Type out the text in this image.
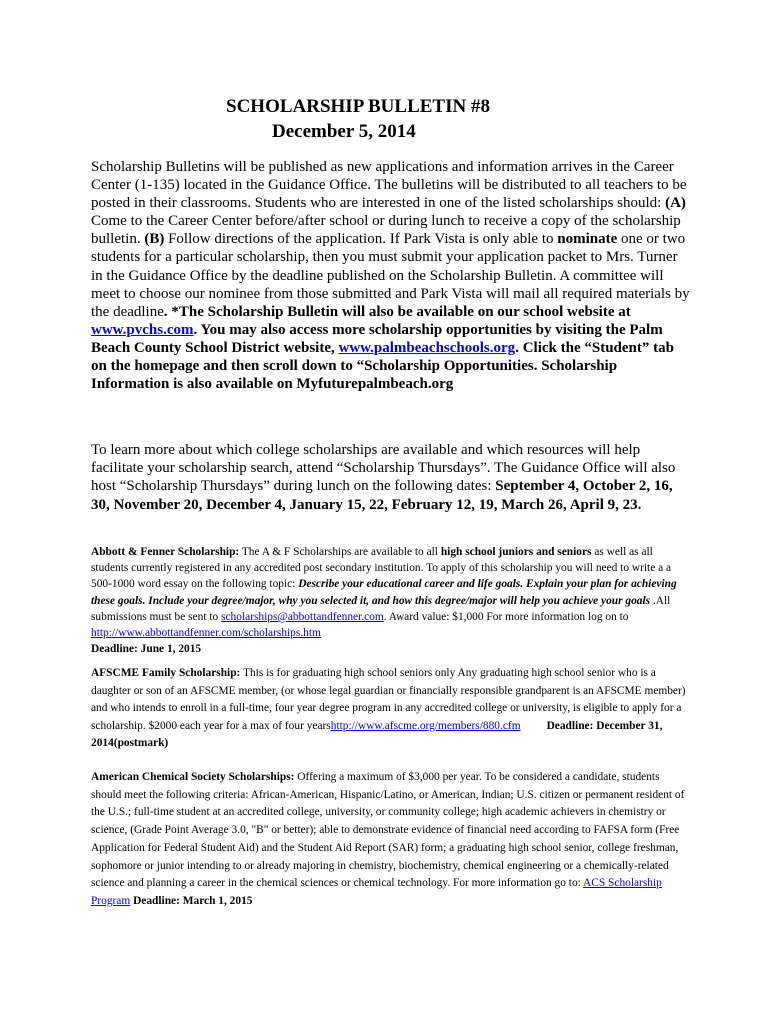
SCHOLARSHIP BULLETIN #8
December 5, 2014
Scholarship Bulletins will be published as new applications and information arrives in the Career Center (1-135) located in the Guidance Office. The bulletins will be distributed to all teachers to be posted in their classrooms. Students who are interested in one of the listed scholarships should: (A) Come to the Career Center before/after school or during lunch to receive a copy of the scholarship bulletin. (B) Follow directions of the application. If Park Vista is only able to nominate one or two students for a particular scholarship, then you must submit your application packet to Mrs. Turner in the Guidance Office by the deadline published on the Scholarship Bulletin. A committee will meet to choose our nominee from those submitted and Park Vista will mail all required materials by the deadline. *The Scholarship Bulletin will also be available on our school website at www.pvchs.com. You may also access more scholarship opportunities by visiting the Palm Beach County School District website, www.palmbeachschools.org. Click the “Student” tab on the homepage and then scroll down to “Scholarship Opportunities. Scholarship Information is also available on Myfuturepalmbeach.org
To learn more about which college scholarships are available and which resources will help facilitate your scholarship search, attend “Scholarship Thursdays”. The Guidance Office will also host “Scholarship Thursdays” during lunch on the following dates: September 4, October 2, 16, 30, November 20, December 4, January 15, 22, February 12, 19, March 26, April 9, 23.
Abbott & Fenner Scholarship: The A & F Scholarships are available to all high school juniors and seniors as well as all students currently registered in any accredited post secondary institution. To apply of this scholarship you will need to write a a 500-1000 word essay on the following topic: Describe your educational career and life goals. Explain your plan for achieving these goals. Include your degree/major, why you selected it, and how this degree/major will help you achieve your goals .All submissions must be sent to scholarships@abbottandfenner.com. Award value: $1,000 For more information log on to http://www.abbottandfenner.com/scholarships.htm
Deadline: June 1, 2015
AFSCME Family Scholarship: This is for graduating high school seniors only Any graduating high school senior who is a daughter or son of an AFSCME member, (or whose legal guardian or financially responsible grandparent is an AFSCME member) and who intends to enroll in a full-time, four year degree program in any accredited college or university, is eligible to apply for a scholarship. $2000 each year for a max of four yearshttp://www.afscme.org/members/880.cfm Deadline: December 31, 2014(postmark)
American Chemical Society Scholarships: Offering a maximum of $3,000 per year. To be considered a candidate, students should meet the following criteria: African-American, Hispanic/Latino, or American, Indian; U.S. citizen or permanent resident of the U.S.; full-time student at an accredited college, university, or community college; high academic achievers in chemistry or science, (Grade Point Average 3.0, "B" or better); able to demonstrate evidence of financial need according to FAFSA form (Free Application for Federal Student Aid) and the Student Aid Report (SAR) form; a graduating high school senior, college freshman, sophomore or junior intending to or already majoring in chemistry, biochemistry, chemical engineering or a chemically-related science and planning a career in the chemical sciences or chemical technology. For more information go to: ACS Scholarship Program Deadline: March 1, 2015
